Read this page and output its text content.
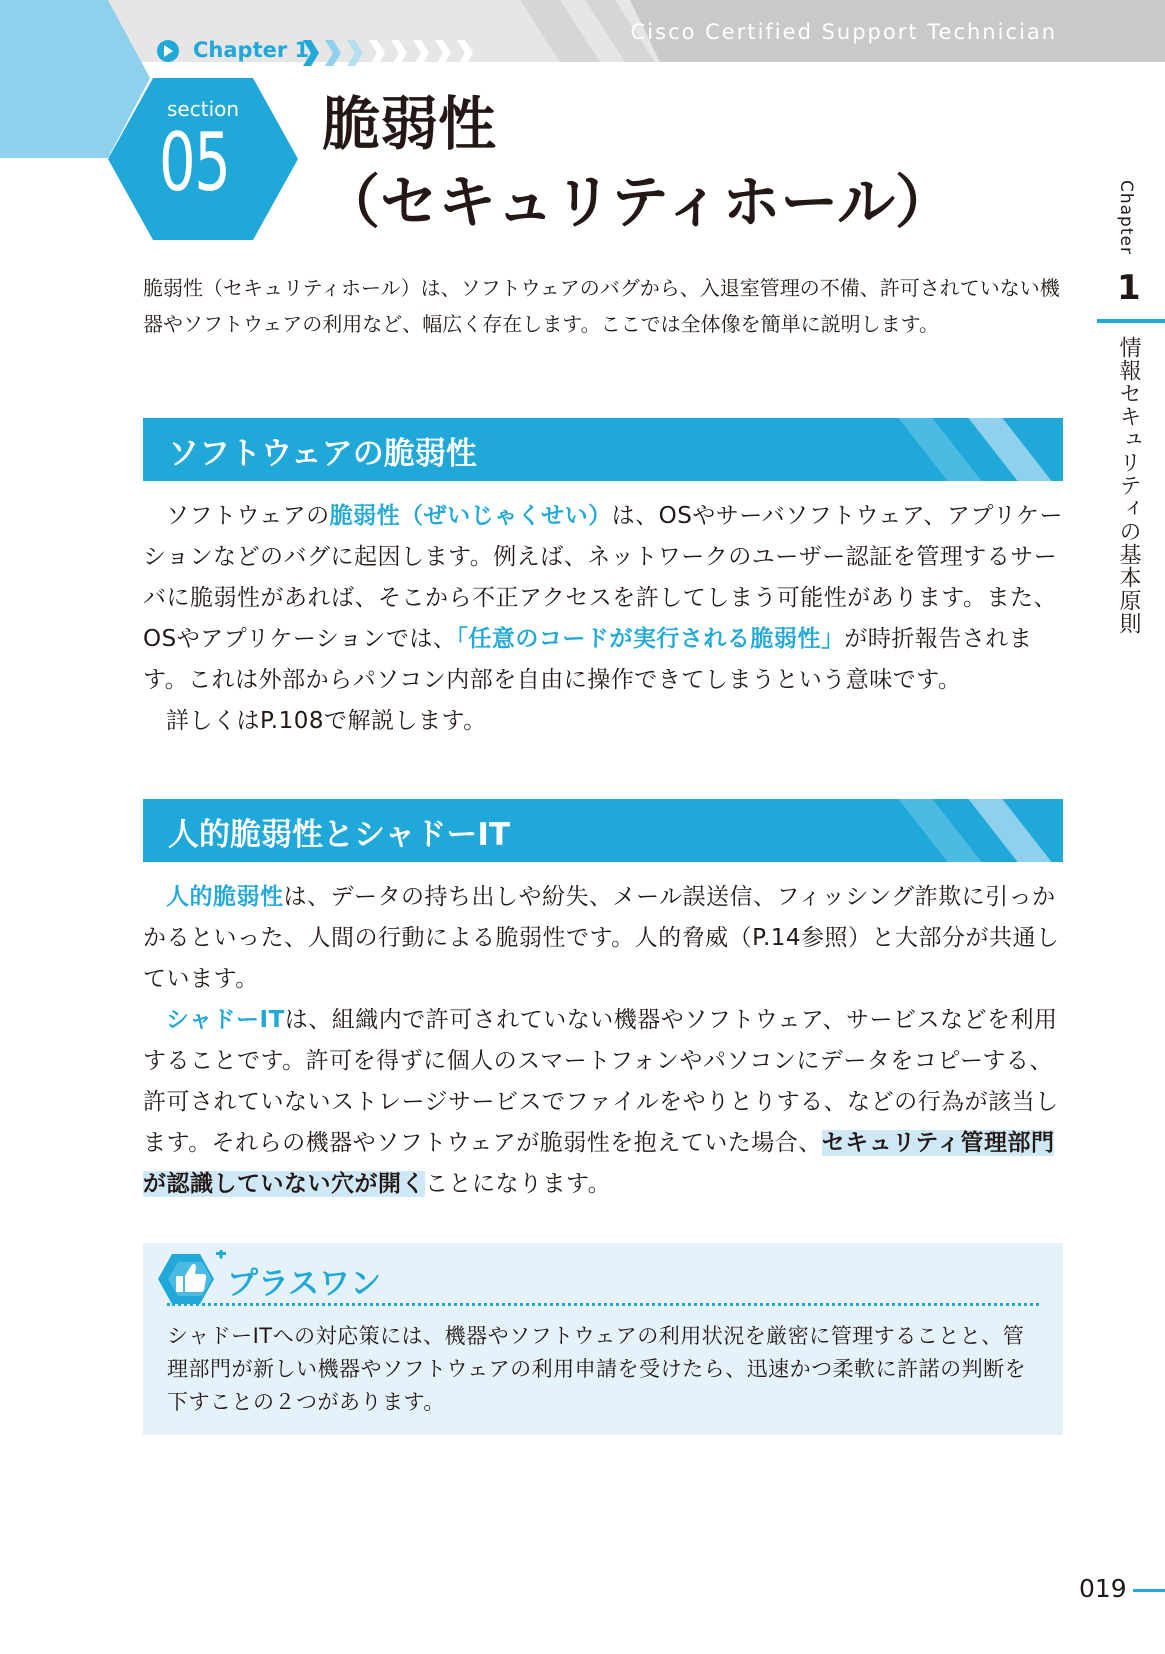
Cisco Certified Support Technician
Chapter 1
section
05 脆弱性
（セキュリティホール）
脆弱性（セキュリティホール）は、ソフトウェアのバグから、入退室管理の不備、許可されていない機器やソフトウェアの利用など、幅広く存在します。ここでは全体像を簡単に説明します。
Chapter
1
情報セキュリティの基本原則
ソフトウェアの脆弱性
ソフトウェアの脆弱性（ぜいじゃくせい）は、OSやサーバソフトウェア、アプリケーションなどのバグに起因します。例えば、ネットワークのユーザー認証を管理するサーバに脆弱性があれば、そこから不正アクセスを許してしまう可能性があります。また、OSやアプリケーションでは、「任意のコードが実行される脆弱性」が時折報告されます。これは外部からパソコン内部を自由に操作できてしまうという意味です。
詳しくはP.108で解説します。
人的脆弱性とシャドーIT
人的脆弱性は、データの持ち出しや紛失、メール誤送信、フィッシング詐欺に引っかかるといった、人間の行動による脆弱性です。人的脅威（P.14参照）と大部分が共通しています。
シャドーITは、組織内で許可されていない機器やソフトウェア、サービスなどを利用することです。許可を得ずに個人のスマートフォンやパソコンにデータをコピーする、許可されていないストレージサービスでファイルをやりとりする、などの行為が該当します。それらの機器やソフトウェアが脆弱性を抱えていた場合、セキュリティ管理部門が認識していない穴が開くことになります。
プラスワン
シャドーITへの対応策には、機器やソフトウェアの利用状況を厳密に管理することと、管理部門が新しい機器やソフトウェアの利用申請を受けたら、迅速かつ柔軟に許諾の判断を下すことの２つがあります。
019
